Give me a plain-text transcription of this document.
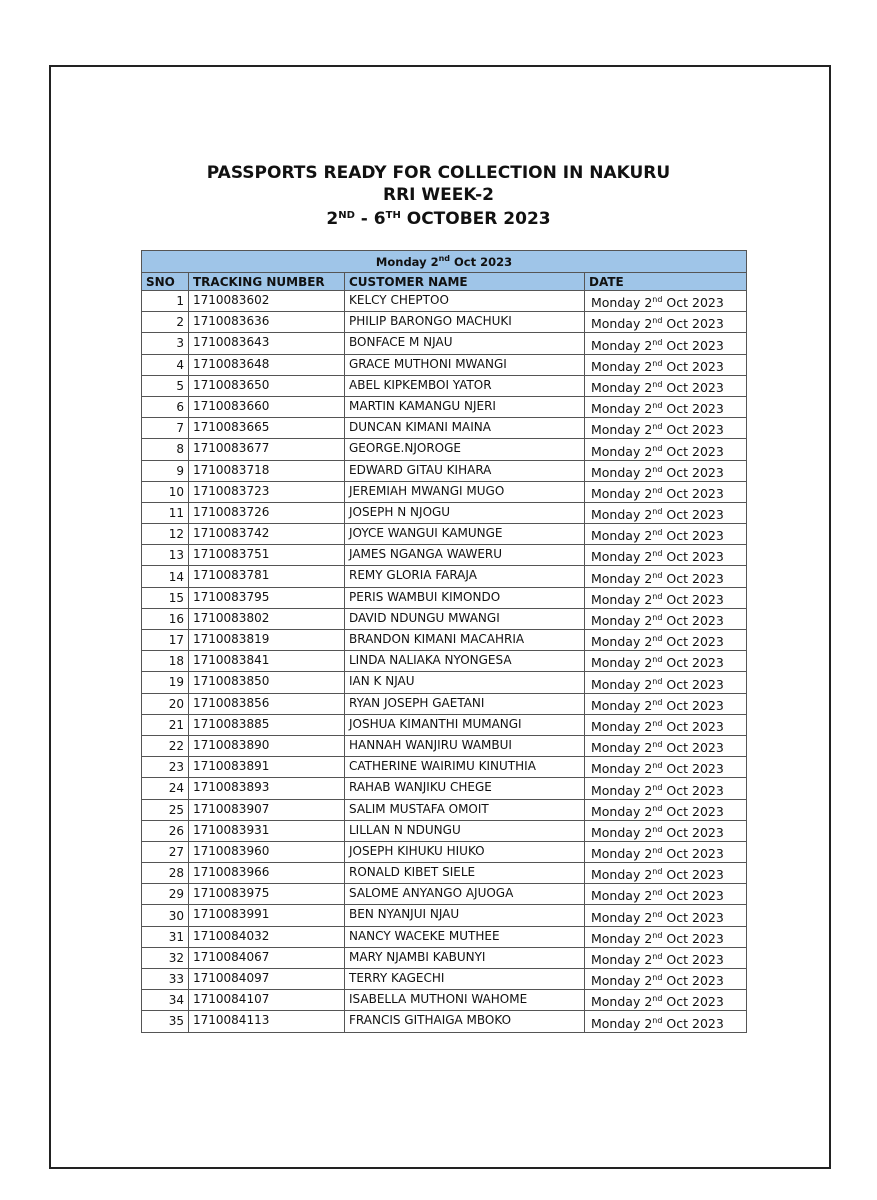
PASSPORTS READY FOR COLLECTION IN NAKURU
RRI WEEK-2
2ND - 6TH OCTOBER 2023
Monday 2nd Oct 2023			
SNO	TRACKING NUMBER	CUSTOMER NAME	DATE
1	1710083602	KELCY CHEPTOO	Monday 2nd Oct 2023
2	1710083636	PHILIP BARONGO MACHUKI	Monday 2nd Oct 2023
3	1710083643	BONFACE M NJAU	Monday 2nd Oct 2023
4	1710083648	GRACE MUTHONI MWANGI	Monday 2nd Oct 2023
5	1710083650	ABEL KIPKEMBOI YATOR	Monday 2nd Oct 2023
6	1710083660	MARTIN KAMANGU NJERI	Monday 2nd Oct 2023
7	1710083665	DUNCAN KIMANI MAINA	Monday 2nd Oct 2023
8	1710083677	GEORGE.NJOROGE	Monday 2nd Oct 2023
9	1710083718	EDWARD GITAU KIHARA	Monday 2nd Oct 2023
10	1710083723	JEREMIAH MWANGI MUGO	Monday 2nd Oct 2023
11	1710083726	JOSEPH N NJOGU	Monday 2nd Oct 2023
12	1710083742	JOYCE WANGUI KAMUNGE	Monday 2nd Oct 2023
13	1710083751	JAMES NGANGA WAWERU	Monday 2nd Oct 2023
14	1710083781	REMY GLORIA FARAJA	Monday 2nd Oct 2023
15	1710083795	PERIS WAMBUI KIMONDO	Monday 2nd Oct 2023
16	1710083802	DAVID NDUNGU MWANGI	Monday 2nd Oct 2023
17	1710083819	BRANDON KIMANI MACAHRIA	Monday 2nd Oct 2023
18	1710083841	LINDA NALIAKA NYONGESA	Monday 2nd Oct 2023
19	1710083850	IAN K NJAU	Monday 2nd Oct 2023
20	1710083856	RYAN JOSEPH GAETANI	Monday 2nd Oct 2023
21	1710083885	JOSHUA KIMANTHI MUMANGI	Monday 2nd Oct 2023
22	1710083890	HANNAH WANJIRU WAMBUI	Monday 2nd Oct 2023
23	1710083891	CATHERINE WAIRIMU KINUTHIA	Monday 2nd Oct 2023
24	1710083893	RAHAB WANJIKU CHEGE	Monday 2nd Oct 2023
25	1710083907	SALIM MUSTAFA OMOIT	Monday 2nd Oct 2023
26	1710083931	LILLAN N NDUNGU	Monday 2nd Oct 2023
27	1710083960	JOSEPH KIHUKU HIUKO	Monday 2nd Oct 2023
28	1710083966	RONALD KIBET SIELE	Monday 2nd Oct 2023
29	1710083975	SALOME ANYANGO AJUOGA	Monday 2nd Oct 2023
30	1710083991	BEN NYANJUI NJAU	Monday 2nd Oct 2023
31	1710084032	NANCY WACEKE MUTHEE	Monday 2nd Oct 2023
32	1710084067	MARY NJAMBI KABUNYI	Monday 2nd Oct 2023
33	1710084097	TERRY KAGECHI	Monday 2nd Oct 2023
34	1710084107	ISABELLA MUTHONI WAHOME	Monday 2nd Oct 2023
35	1710084113	FRANCIS GITHAIGA MBOKO	Monday 2nd Oct 2023
